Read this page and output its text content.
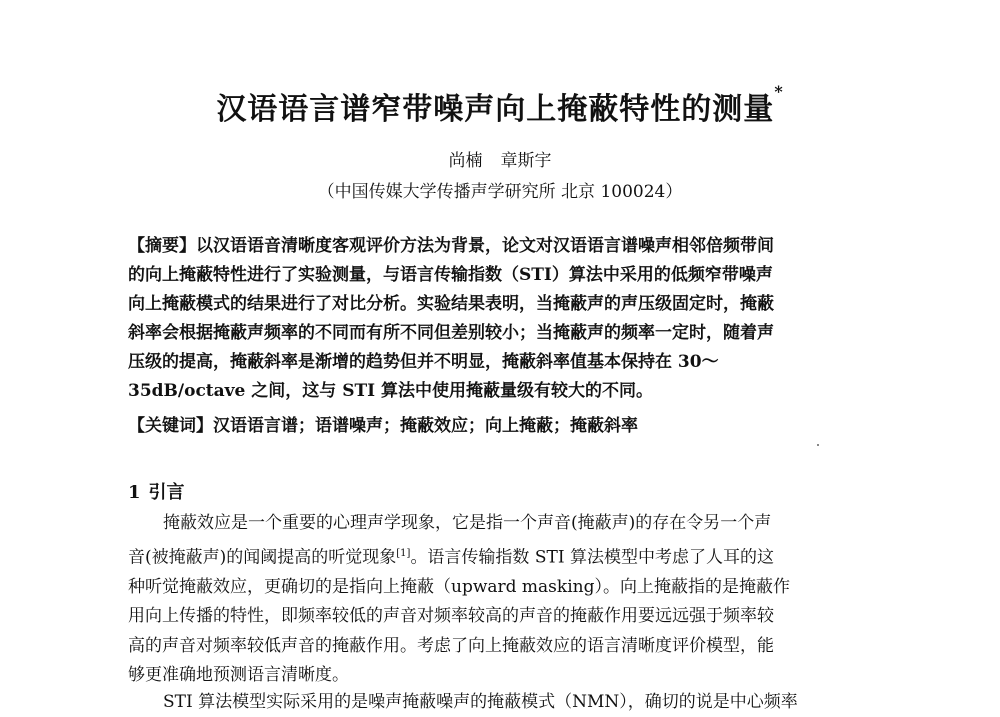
汉语语言谱窄带噪声向上掩蔽特性的测量*
尚楠 章斯宇
（中国传媒大学传播声学研究所 北京 100024）
【摘要】以汉语语音清晰度客观评价方法为背景，论文对汉语语言谱噪声相邻倍频带间
的向上掩蔽特性进行了实验测量，与语言传输指数（STI）算法中采用的低频窄带噪声
向上掩蔽模式的结果进行了对比分析。实验结果表明，当掩蔽声的声压级固定时，掩蔽
斜率会根据掩蔽声频率的不同而有所不同但差别较小；当掩蔽声的频率一定时，随着声
压级的提高，掩蔽斜率是渐增的趋势但并不明显，掩蔽斜率值基本保持在 30～
35dB/octave 之间，这与 STI 算法中使用掩蔽量级有较大的不同。
【关键词】汉语语言谱；语谱噪声；掩蔽效应；向上掩蔽；掩蔽斜率
1 引言
掩蔽效应是一个重要的心理声学现象，它是指一个声音(掩蔽声)的存在令另一个声
音(被掩蔽声)的闻阈提高的听觉现象[1]。语言传输指数 STI 算法模型中考虑了人耳的这
种听觉掩蔽效应，更确切的是指向上掩蔽（upward masking）。向上掩蔽指的是掩蔽作
用向上传播的特性，即频率较低的声音对频率较高的声音的掩蔽作用要远远强于频率较
高的声音对频率较低声音的掩蔽作用。考虑了向上掩蔽效应的语言清晰度评价模型，能
够更准确地预测语言清晰度。
STI 算法模型实际采用的是噪声掩蔽噪声的掩蔽模式（NMN），确切的说是中心频率
